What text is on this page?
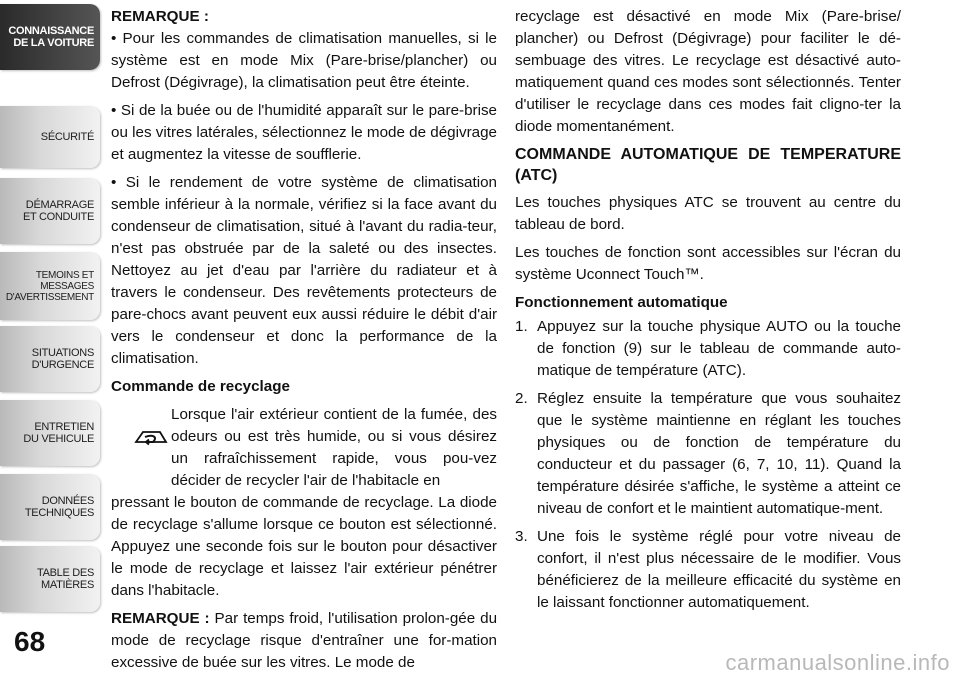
CONNAISSANCE
DE LA VOITURE
SÉCURITÉ
DÉMARRAGE
ET CONDUITE
TEMOINS ET
MESSAGES
D'AVERTISSEMENT
SITUATIONS
D'URGENCE
ENTRETIEN
DU VEHICULE
DONNÉES
TECHNIQUES
TABLE DES
MATIÈRES
68

REMARQUE :

• Pour les commandes de climatisation manuelles, si le système est en mode Mix (Pare-brise/plancher) ou Defrost (Dégivrage), la climatisation peut être éteinte.

• Si de la buée ou de l'humidité apparaît sur le pare-brise ou les vitres latérales, sélectionnez le mode de dégivrage et augmentez la vitesse de soufflerie.

• Si le rendement de votre système de climatisation semble inférieur à la normale, vérifiez si la face avant du condenseur de climatisation, situé à l'avant du radia-teur, n'est pas obstruée par de la saleté ou des insectes. Nettoyez au jet d'eau par l'arrière du radiateur et à travers le condenseur. Des revêtements protecteurs de pare-chocs avant peuvent eux aussi réduire le débit d'air vers le condenseur et donc la performance de la climatisation.

Commande de recyclage

Lorsque l'air extérieur contient de la fumée, des odeurs ou est très humide, ou si vous désirez un rafraîchissement rapide, vous pou-vez décider de recycler l'air de l'habitacle en

pressant le bouton de commande de recyclage. La diode de recyclage s'allume lorsque ce bouton est sélectionné. Appuyez une seconde fois sur le bouton pour désactiver le mode de recyclage et laissez l'air extérieur pénétrer dans l'habitacle.

REMARQUE : Par temps froid, l'utilisation prolon-gée du mode de recyclage risque d'entraîner une for-mation excessive de buée sur les vitres. Le mode de

recyclage est désactivé en mode Mix (Pare-brise/ plancher) ou Defrost (Dégivrage) pour faciliter le dé-sembuage des vitres. Le recyclage est désactivé auto-matiquement quand ces modes sont sélectionnés. Tenter d'utiliser le recyclage dans ces modes fait cligno-ter la diode momentanément.

COMMANDE AUTOMATIQUE DE TEMPERATURE (ATC)

Les touches physiques ATC se trouvent au centre du tableau de bord.

Les touches de fonction sont accessibles sur l'écran du système Uconnect Touch™.

Fonctionnement automatique

1. Appuyez sur la touche physique AUTO ou la touche de fonction (9) sur le tableau de commande auto-matique de température (ATC).
2. Réglez ensuite la température que vous souhaitez que le système maintienne en réglant les touches physiques ou de fonction de température du conducteur et du passager (6, 7, 10, 11). Quand la température désirée s'affiche, le système a atteint ce niveau de confort et le maintient automatique-ment.
3. Une fois le système réglé pour votre niveau de confort, il n'est plus nécessaire de le modifier. Vous bénéficierez de la meilleure efficacité du système en le laissant fonctionner automatiquement.
carmanualsonline.info
